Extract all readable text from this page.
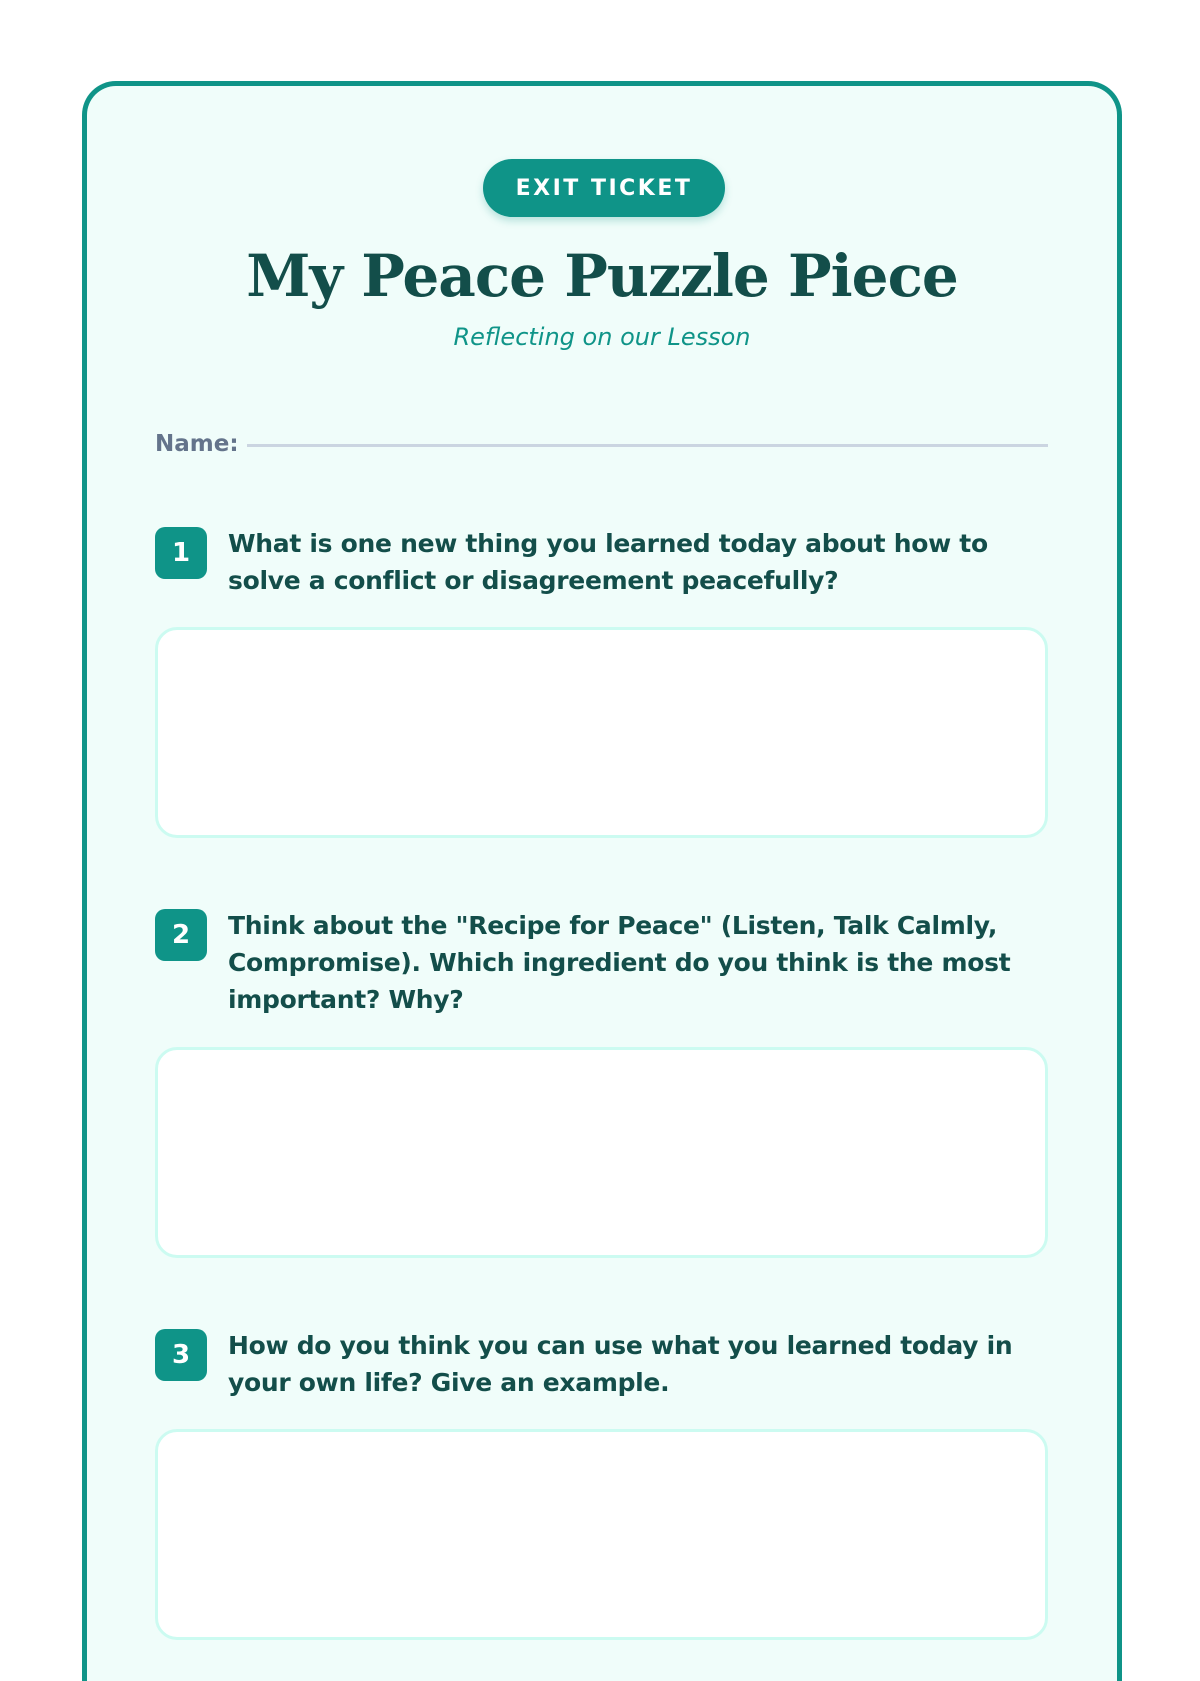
EXIT TICKET
My Peace Puzzle Piece
Reflecting on our Lesson
Name:
1	What is one new thing you learned today about how to solve a conflict or disagreement peacefully?
2	Think about the "Recipe for Peace" (Listen, Talk Calmly, Compromise). Which ingredient do you think is the most important? Why?
3	How do you think you can use what you learned today in your own life? Give an example.
